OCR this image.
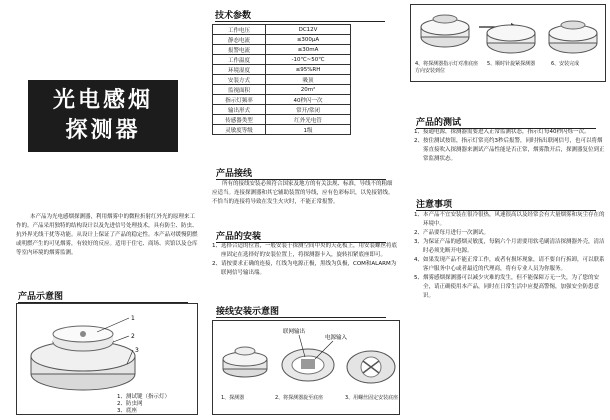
光电感烟
探测器
本产品为光电感烟探测器，利用烟雾中的微粒折射红外光的原理来工作的。产品采用独特的结构设计以及先进信号处理技术，具有防尘、防虫、抗外界光线干扰等功能。从设计上保证了产品的稳定性。本产品对缓慢阴燃或明燃产生的可见烟雾，有较好的反应。适用于住宅、商场、宾馆以及仓库等室内环境的烟雾监测。
产品示意图
1
2
3
1、测试键（指示灯）
2、防虫网
3、底座
技术参数
工作电压	DC12V
静态电流	≤300μA
报警电流	≤30mA
工作温度	-10℃~50℃
环境湿度	≤95%RH
安装方式	吸顶
监视面积	20m²
指示灯频率	40秒闪一次
输出形式	常开/常闭
传感器类型	红外光电管
灵敏度等级	1级
产品接线
所有的接线安装必须符合国家及地方的有关法规、标准，导线不的粗细应适当。连接探测器和其它辅助装置的导线，应有色彩标识，以免接错线。不恰当的连接将导致在发生火灾时，不能正常报警。
产品的安装
1、选择合适的位置，一般安装于探测空间中央的天花板上，用安装螺丝将底座固定在选择好的安装位置上，将探测器卡入，旋转扣紧底座即可。
2、请按要求正确的连接，红线为电源正极，黑线为负极，COM和ALARM为联网信号输出端。
接线安装示意图
联网输出
电源输入
1、探测器	2、将探测器旋至底座	3、用螺丝固定安装底座
4、将探测器指示灯对准底座方向安装到位
5、顺时针旋紧探测器	6、安装完成
产品的测试
1、接通电源，探测器需要进入正常监测状态，指示灯每40秒闪烁一次。
2、按住测试按钮，指示灯常亮约3秒后报警，同时指出联网信号，也可以将烟雾直接吹入探测器来测试产品性能是否正常，烟雾散开后，探测器复位到正常监测状态。
注意事项
1、本产品不宜安装在很冷很热，风速很高以及经常会有大量烟雾和灰尘存在的环境中。
2、产品要每月进行一次测试。
3、为保证产品的感烟灵敏度，每隔六个月需要用软毛刷清洁探测器外壳，清洁时必须先断开电源。
4、如果发现产品不能正常工作，或者有损坏现象，请不要自行拆卸，可以联系客户服务中心或者最近的代理商，将有专业人员为你服务。
5、烟雾感烟探测器可以减少灾难的发生，但不能保障万无一失，为了您的安全，请正确使用本产品，同时在日常生活中应提高警惕，加强安全防患意识。
